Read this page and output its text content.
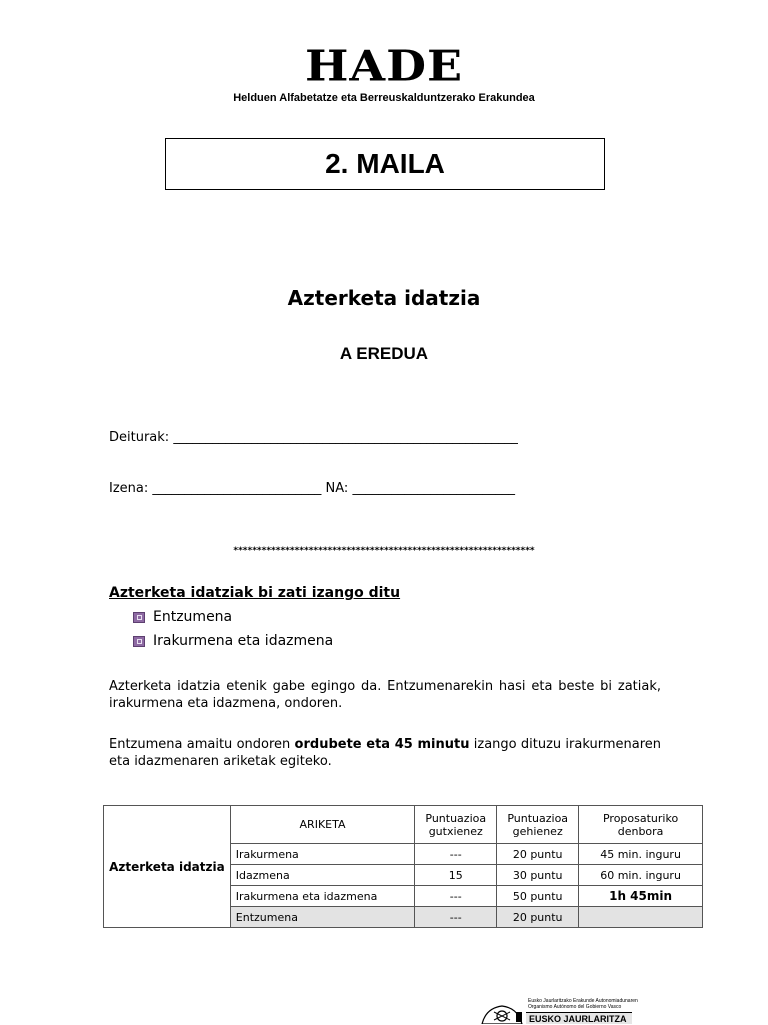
HADE
Helduen Alfabetatze eta Berreuskalduntzerako Erakundea
2. MAILA
Azterketa idatzia
A EREDUA
Deiturak: _____________________________________________________
Izena: __________________________ NA: _________________________
****************************************************************
Azterketa idatziak bi zati izango ditu
Entzumena
Irakurmena eta idazmena
Azterketa idatzia etenik gabe egingo da. Entzumenarekin hasi eta beste bi zatiak, irakurmena eta idazmena, ondoren.
Entzumena amaitu ondoren ordubete eta 45 minutu izango dituzu irakurmenaren eta idazmenaren ariketak egiteko.
Azterketa idatzia	ARIKETA	Puntuazioa gutxienez	Puntuazioa gehienez	Proposaturiko denbora
	Irakurmena	---	20 puntu	45 min. inguru
	Idazmena	15	30 puntu	60 min. inguru
	Irakurmena eta idazmena	---	50 puntu	1h 45min
	Entzumena	---	20 puntu	
Eusko Jaurlaritzako Erakunde Autonomiadunaren
Organismo Autónomo del Gobierno Vasco
EUSKO JAURLARITZA
